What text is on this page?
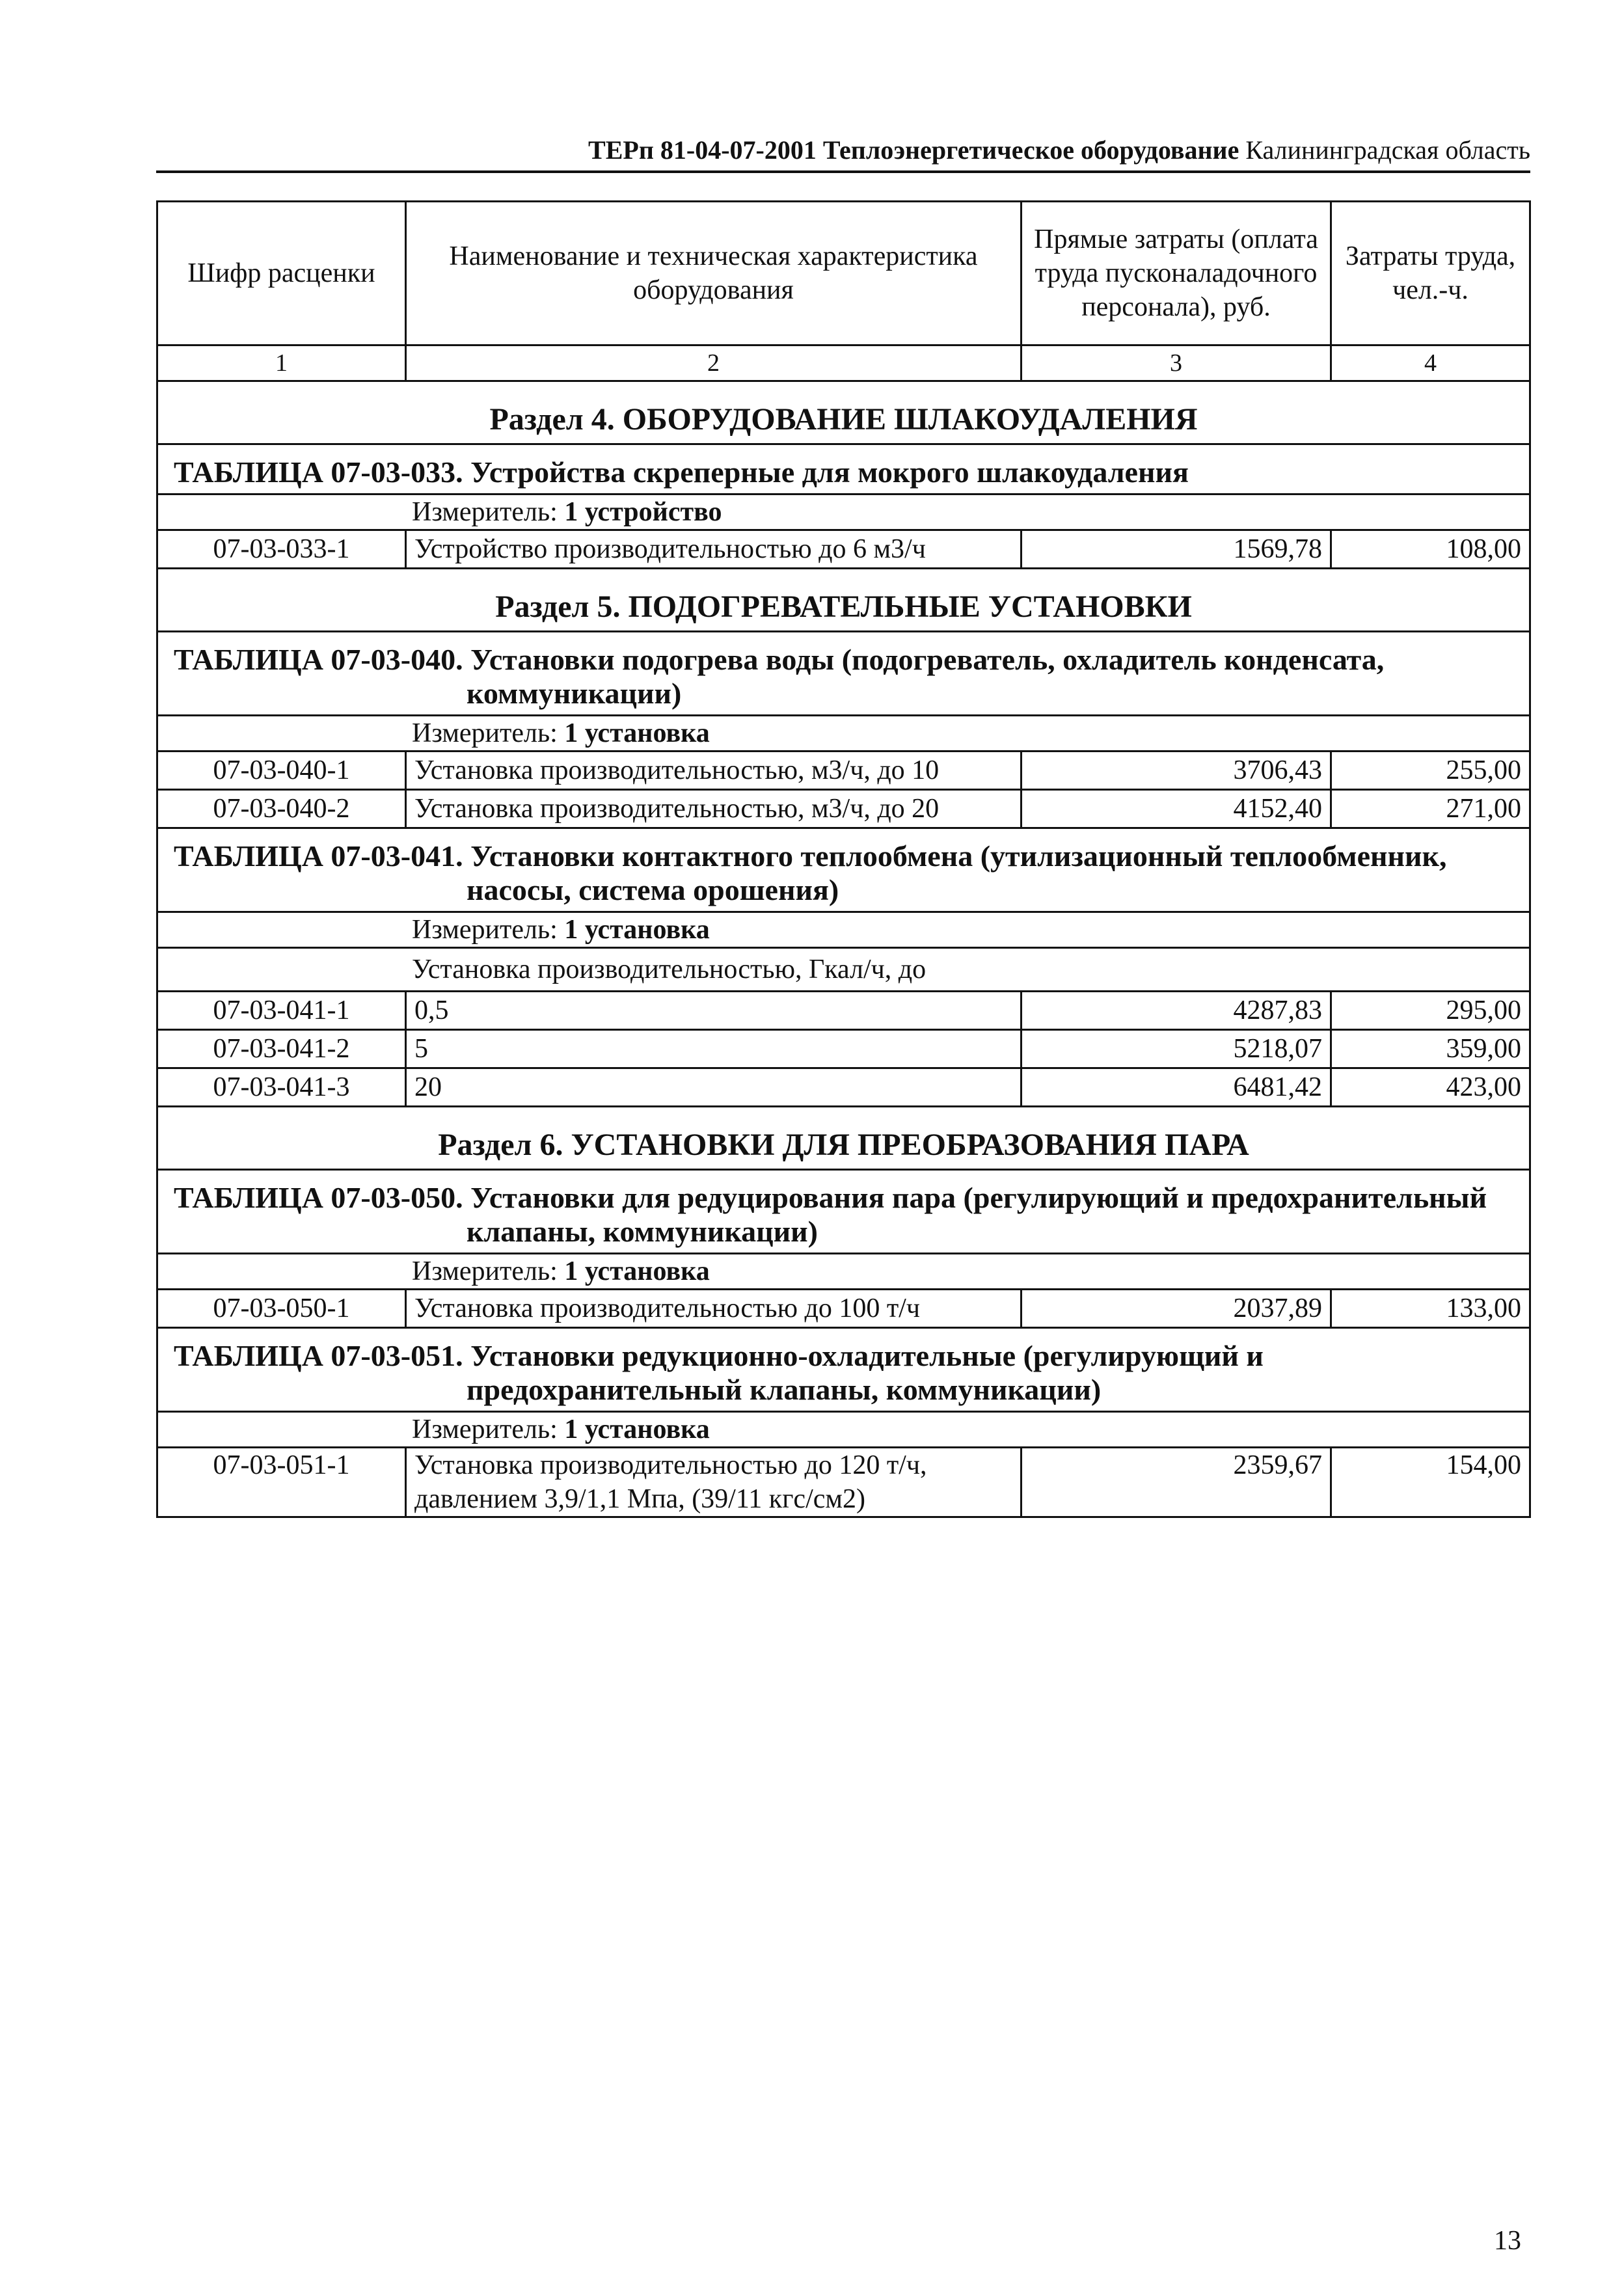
ТЕРп 81-04-07-2001 Теплоэнергетическое оборудование Калининградская область
Шифр расценки	Наименование и техническая характеристика оборудования	Прямые затраты (оплата труда пусконаладочного персонала), руб.	Затраты труда, чел.-ч.
1	2	3	4
Раздел 4. ОБОРУДОВАНИЕ ШЛАКОУДАЛЕНИЯ			

ТАБЛИЦА 07-03-033. Устройства скреперные для мокрого шлакоудаления			

Измеритель: 1 устройство			
07-03-033-1	Устройство производительностью до 6 м3/ч	1569,78	108,00
Раздел 5. ПОДОГРЕВАТЕЛЬНЫЕ УСТАНОВКИ			

ТАБЛИЦА 07-03-040. Установки подогрева воды (подогреватель, охладитель конденсата, коммуникации)			

Измеритель: 1 установка			
07-03-040-1	Установка производительностью, м3/ч, до 10	3706,43	255,00
07-03-040-2	Установка производительностью, м3/ч, до 20	4152,40	271,00

ТАБЛИЦА 07-03-041. Установки контактного теплообмена (утилизационный теплообменник, насосы, система орошения)			

Измеритель: 1 установка			
Установка производительностью, Гкал/ч, до			
07-03-041-1	0,5	4287,83	295,00
07-03-041-2	5	5218,07	359,00
07-03-041-3	20	6481,42	423,00
Раздел 6. УСТАНОВКИ ДЛЯ ПРЕОБРАЗОВАНИЯ ПАРА			

ТАБЛИЦА 07-03-050. Установки для редуцирования пара (регулирующий и предохранительный клапаны, коммуникации)			

Измеритель: 1 установка			
07-03-050-1	Установка производительностью до 100 т/ч	2037,89	133,00

ТАБЛИЦА 07-03-051. Установки редукционно-охладительные (регулирующий и предохранительный клапаны, коммуникации)			

Измеритель: 1 установка			
07-03-051-1	Установка производительностью до 120 т/ч, давлением 3,9/1,1 Мпа, (39/11 кгс/см2)	2359,67	154,00
13
